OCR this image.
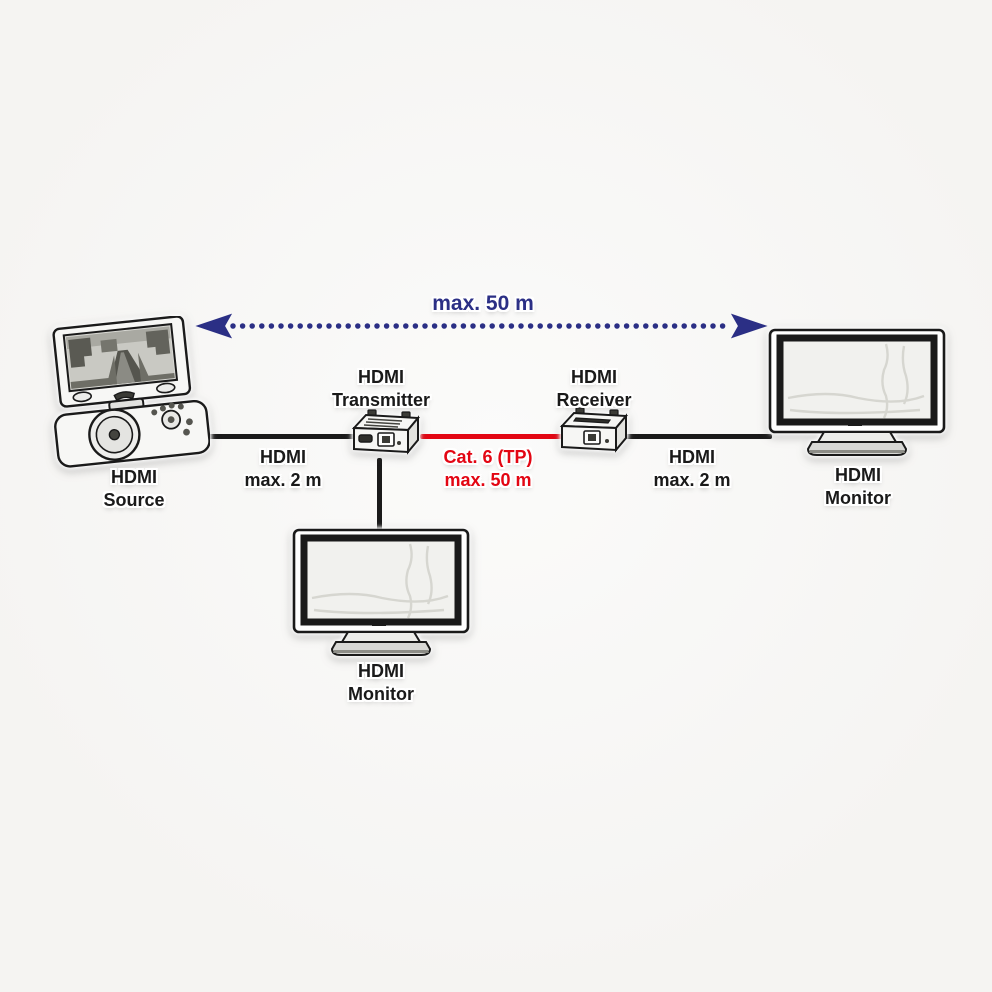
max. 50 m
HDMI
Source
HDMI
Transmitter
HDMI
Receiver
HDMI
max. 2 m
Cat. 6 (TP)
max. 50 m
HDMI
max. 2 m	HDMI
Monitor
HDMI
Monitor
